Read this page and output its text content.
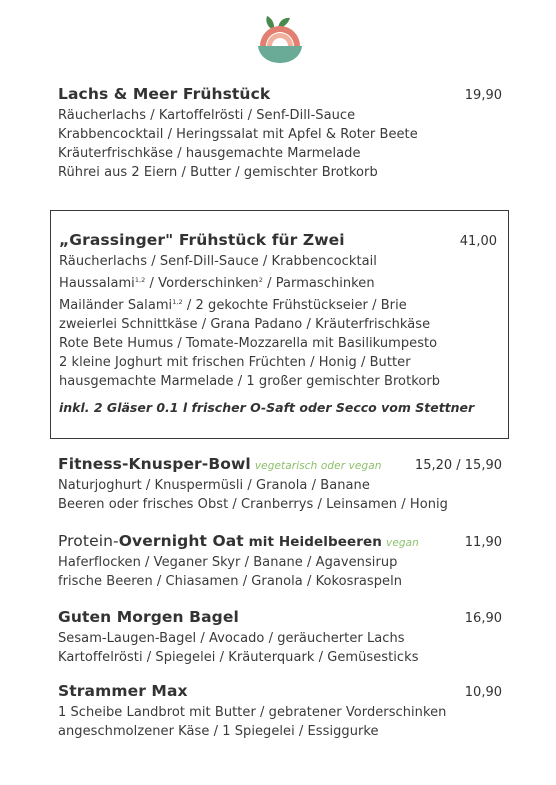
Lachs & Meer Frühstück	19,90
Räucherlachs / Kartoffelrösti / Senf-Dill-Sauce
Krabbencocktail / Heringssalat mit Apfel & Roter Beete
Kräuterfrischkäse / hausgemachte Marmelade
Rührei aus 2 Eiern / Butter / gemischter Brotkorb
„Grassinger" Frühstück für Zwei	41,00
Räucherlachs / Senf-Dill-Sauce / Krabbencocktail
Haussalami$^{1,2}$ / Vorderschinken$^2$ / Parmaschinken
Mailänder Salami$^{1,2}$ / 2 gekochte Frühstückseier / Brie
zweierlei Schnittkäse / Grana Padano / Kräuterfrischkäse
Rote Bete Humus / Tomate-Mozzarella mit Basilikumpesto
2 kleine Joghurt mit frischen Früchten / Honig / Butter
hausgemachte Marmelade / 1 großer gemischter Brotkorb
inkl. 2 Gläser 0.1 l frischer O-Saft oder Secco vom Stettner
Fitness-Knusper-Bowl vegetarisch oder vegan	15,20 / 15,90
Naturjoghurt / Knuspermüsli / Granola / Banane
Beeren oder frisches Obst / Cranberrys / Leinsamen / Honig
Protein-Overnight Oat mit Heidelbeeren vegan	11,90
Haferflocken / Veganer Skyr / Banane / Agavensirup
frische Beeren / Chiasamen / Granola / Kokosraspeln
Guten Morgen Bagel	16,90
Sesam-Laugen-Bagel / Avocado / geräucherter Lachs
Kartoffelrösti / Spiegelei / Kräuterquark / Gemüsesticks
Strammer Max	10,90
1 Scheibe Landbrot mit Butter / gebratener Vorderschinken
angeschmolzener Käse / 1 Spiegelei / Essiggurke
